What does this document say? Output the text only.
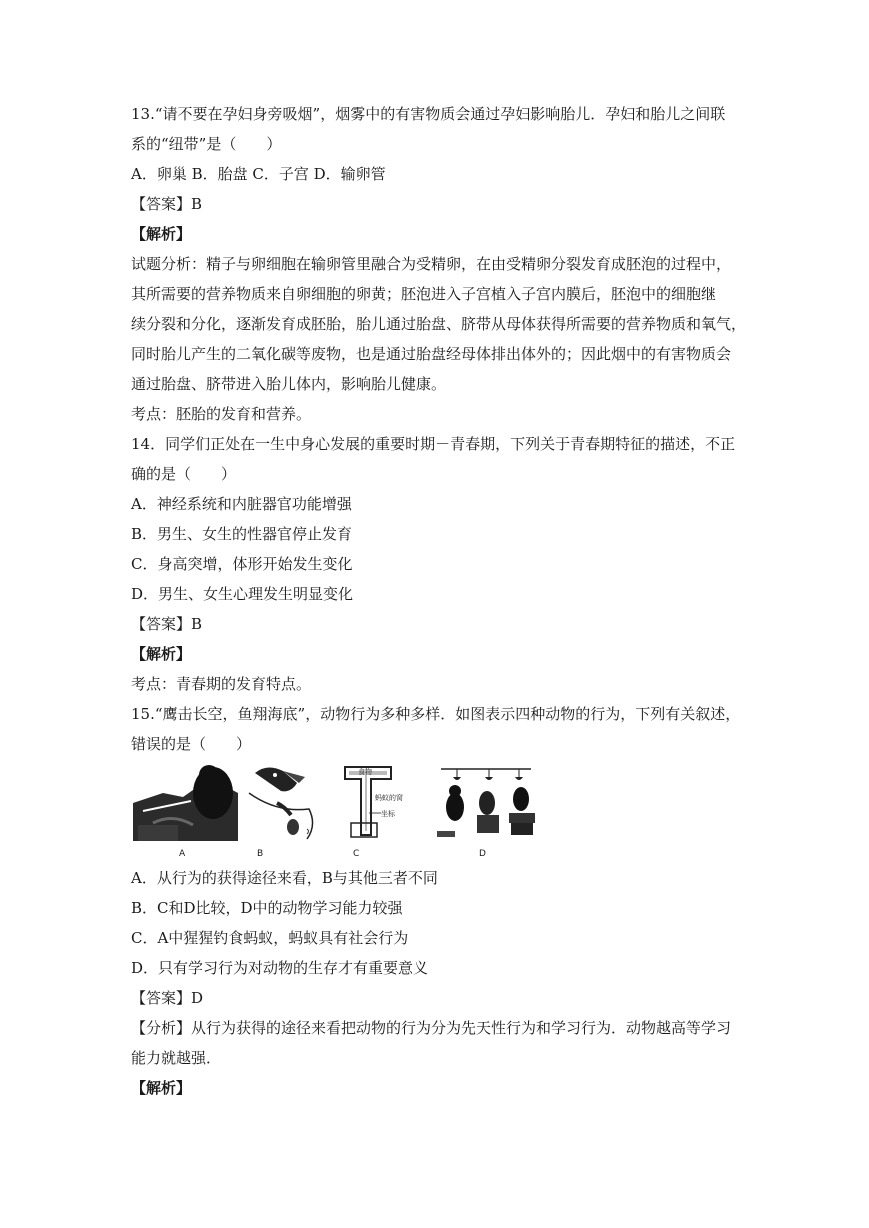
13.“请不要在孕妇身旁吸烟”，烟雾中的有害物质会通过孕妇影响胎儿．孕妇和胎儿之间联
系的“纽带”是（　　）
A．卵巢 B．胎盘 C．子宫 D．输卵管
【答案】B
【解析】
试题分析：精子与卵细胞在输卵管里融合为受精卵，在由受精卵分裂发育成胚泡的过程中，
其所需要的营养物质来自卵细胞的卵黄；胚泡进入子宫植入子宫内膜后，胚泡中的细胞继
续分裂和分化，逐渐发育成胚胎，胎儿通过胎盘、脐带从母体获得所需要的营养物质和氧气，
同时胎儿产生的二氧化碳等废物，也是通过胎盘经母体排出体外的；因此烟中的有害物质会
通过胎盘、脐带进入胎儿体内，影响胎儿健康。
考点：胚胎的发育和营养。
14．同学们正处在一生中身心发展的重要时期－青春期，下列关于青春期特征的描述，不正
确的是（　　）
A．神经系统和内脏器官功能增强
B．男生、女生的性器官停止发育
C．身高突增，体形开始发生变化
D．男生、女生心理发生明显变化
【答案】B
【解析】
考点：青春期的发育特点。
15.“鹰击长空，鱼翔海底”，动物行为多种多样．如图表示四种动物的行为，下列有关叙述，
错误的是（　　）
A	B
食物
蚂蚁的窝
坐标
C	D
A．从行为的获得途径来看，B与其他三者不同
B．C和D比较，D中的动物学习能力较强
C．A中猩猩钓食蚂蚁，蚂蚁具有社会行为
D．只有学习行为对动物的生存才有重要意义
【答案】D
【分析】从行为获得的途径来看把动物的行为分为先天性行为和学习行为．动物越高等学习
能力就越强．
【解析】
